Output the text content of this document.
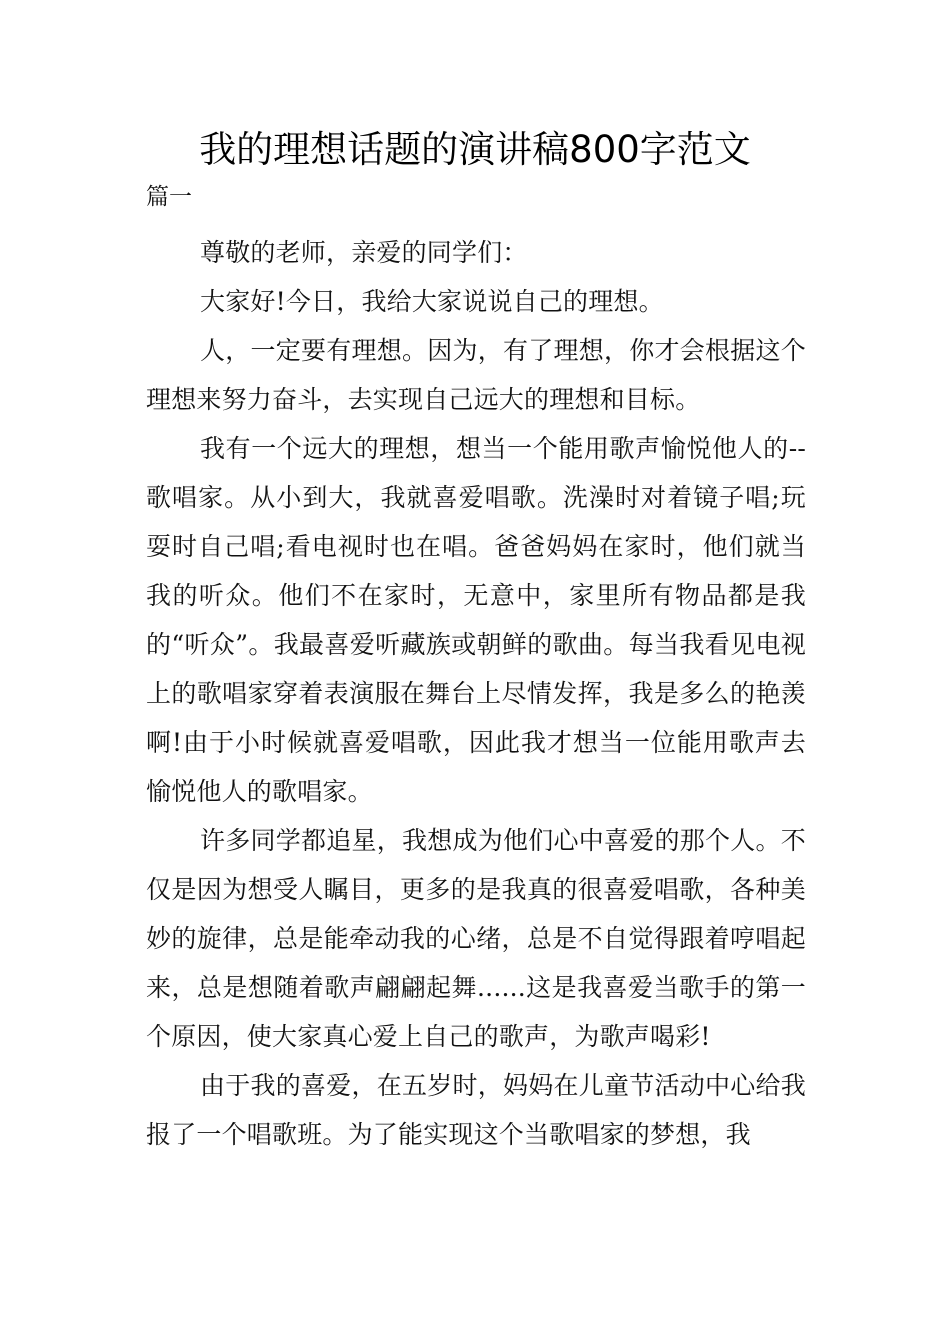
我的理想话题的演讲稿800字范文
篇一

尊敬的老师，亲爱的同学们：

大家好!今日，我给大家说说自己的理想。

人，一定要有理想。因为，有了理想，你才会根据这个理想来努力奋斗，去实现自己远大的理想和目标。

我有一个远大的理想，想当一个能用歌声愉悦他人的--歌唱家。从小到大，我就喜爱唱歌。洗澡时对着镜子唱;玩耍时自己唱;看电视时也在唱。爸爸妈妈在家时，他们就当我的听众。他们不在家时，无意中，家里所有物品都是我的“听众”。我最喜爱听藏族或朝鲜的歌曲。每当我看见电视上的歌唱家穿着表演服在舞台上尽情发挥，我是多么的艳羡啊!由于小时候就喜爱唱歌，因此我才想当一位能用歌声去愉悦他人的歌唱家。

许多同学都追星，我想成为他们心中喜爱的那个人。不仅是因为想受人瞩目，更多的是我真的很喜爱唱歌，各种美妙的旋律，总是能牵动我的心绪，总是不自觉得跟着哼唱起来，总是想随着歌声翩翩起舞......这是我喜爱当歌手的第一个原因，使大家真心爱上自己的歌声，为歌声喝彩!

由于我的喜爱，在五岁时，妈妈在儿童节活动中心给我报了一个唱歌班。为了能实现这个当歌唱家的梦想，我
